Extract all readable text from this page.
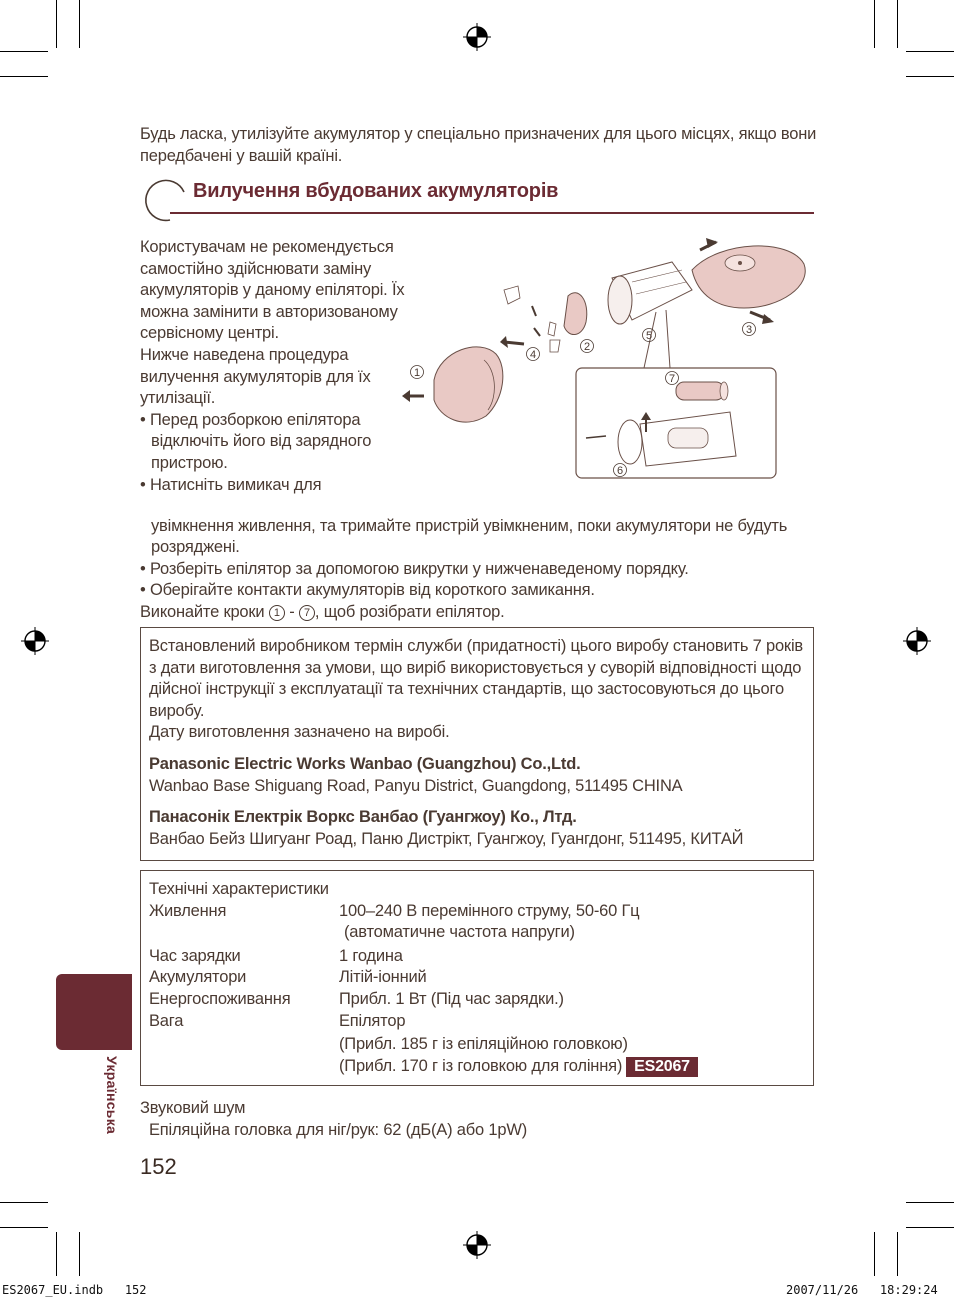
Будь ласка, утилізуйте акумулятор у спеціально призначених для цього місцях, якщо вони передбачені у вашій країні.
Вилучення вбудованих акумуляторів
Користувачам не рекомендується самостійно здійснювати заміну акумуляторів у даному епіляторі. Їх можна замінити в авторизованому сервісному центрі.
Нижче наведена процедура вилучення акумуляторів для їх утилізації.
• Перед розборкою епілятора відключіть його від зарядного пристрою.
• Натисніть вимикач для
увімкнення живлення, та тримайте пристрій увімкненим, поки акумулятори не будуть розряджені.
• Розберіть епілятор за допомогою викрутки у нижченаведеному порядку.
• Оберігайте контакти акумуляторів від короткого замикання.
Виконайте кроки 1 - 7 , щоб розібрати епілятор.
1
2
3
4
5
6
7
Встановлений виробником термін служби (придатності) цього виробу становить 7 років з дати виготовлення за умови, що виріб використовується у суворій відповідності щодо дійсної інструкції з експлуатації та технічних стандартів, що застосовуються до цього виробу.
Дату виготовлення зазначено на виробі.
Panasonic Electric Works Wanbao (Guangzhou) Co.,Ltd.
Wanbao Base Shiguang Road, Panyu District, Guangdong, 511495 CHINA
Панасонік Електрік Воркс Ванбао (Гуангжоу) Ко., Лтд.
Ванбао Бейз Шигуанг Роад, Паню Дистрікт, Гуангжоу, Гуангдонг, 511495, КИТАЙ
Технічні характеристики
Живлення	100–240 В перемінного струму, 50-60 Гц
(автоматичне частота напруги)
Час зарядки	1 година
Акумулятори	Літій-іонний
Енергоспоживання	Прибл. 1 Вт (Під час зарядки.)
Вага	Епілятор
(Прибл. 185 г із епіляційною головкою)
(Прибл. 170 г із головкою для гоління) ES2067
Звуковий шум
Епіляційна головка для ніг/рук: 62 (дБ(A) або 1pW)
Українська
152
ES2067_EU.indb   152	2007/11/26   18:29:24
